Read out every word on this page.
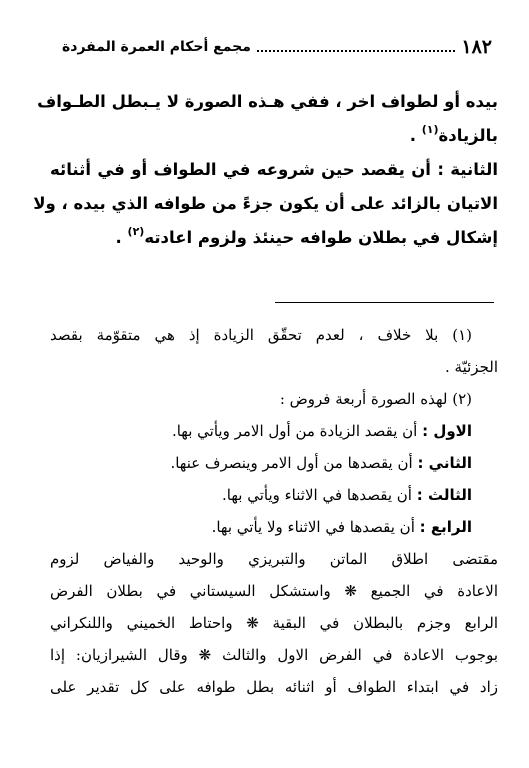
١٨٢
مجمع أحكام العمرة المفردة
بيده أو لطواف اخر ، ففي هـذه الصورة لا يـبطل الطـواف
بالزيادة$^{(١)}$ .
الثانية : أن يقصد حين شروعه في الطواف أو في أثنائه
الاتيان بالزائد على أن يكون جزءً من طوافه الذي بيده ، ولا
إشكال في بطلان طوافه حينئذ ولزوم اعادته$^{(٢)}$ .
(١) بلا خلاف ، لعدم تحقّق الزيادة إذ هي متقوّمة بقصد
الجزئيّة .
(٢) لهذه الصورة أربعة فروض :
الاول : أن يقصد الزيادة من أول الامر ويأتي بها.
الثاني : أن يقصدها من أول الامر وينصرف عنها.
الثالث : أن يقصدها في الاثناء ويأتي بها.
الرابع : أن يقصدها في الاثناء ولا يأتي بها.
مقتضى اطلاق الماتن والتبريزي والوحيد والفياض لزوم
الاعادة في الجميع ❋ واستشكل السيستاني في بطلان الفرض
الرابع وجزم بالبطلان في البقية ❋ واحتاط الخميني واللنكراني
بوجوب الاعادة في الفرض الاول والثالث ❋ وقال الشيرازيان: إذا
زاد في ابتداء الطواف أو اثنائه بطل طوافه على كل تقدير على
